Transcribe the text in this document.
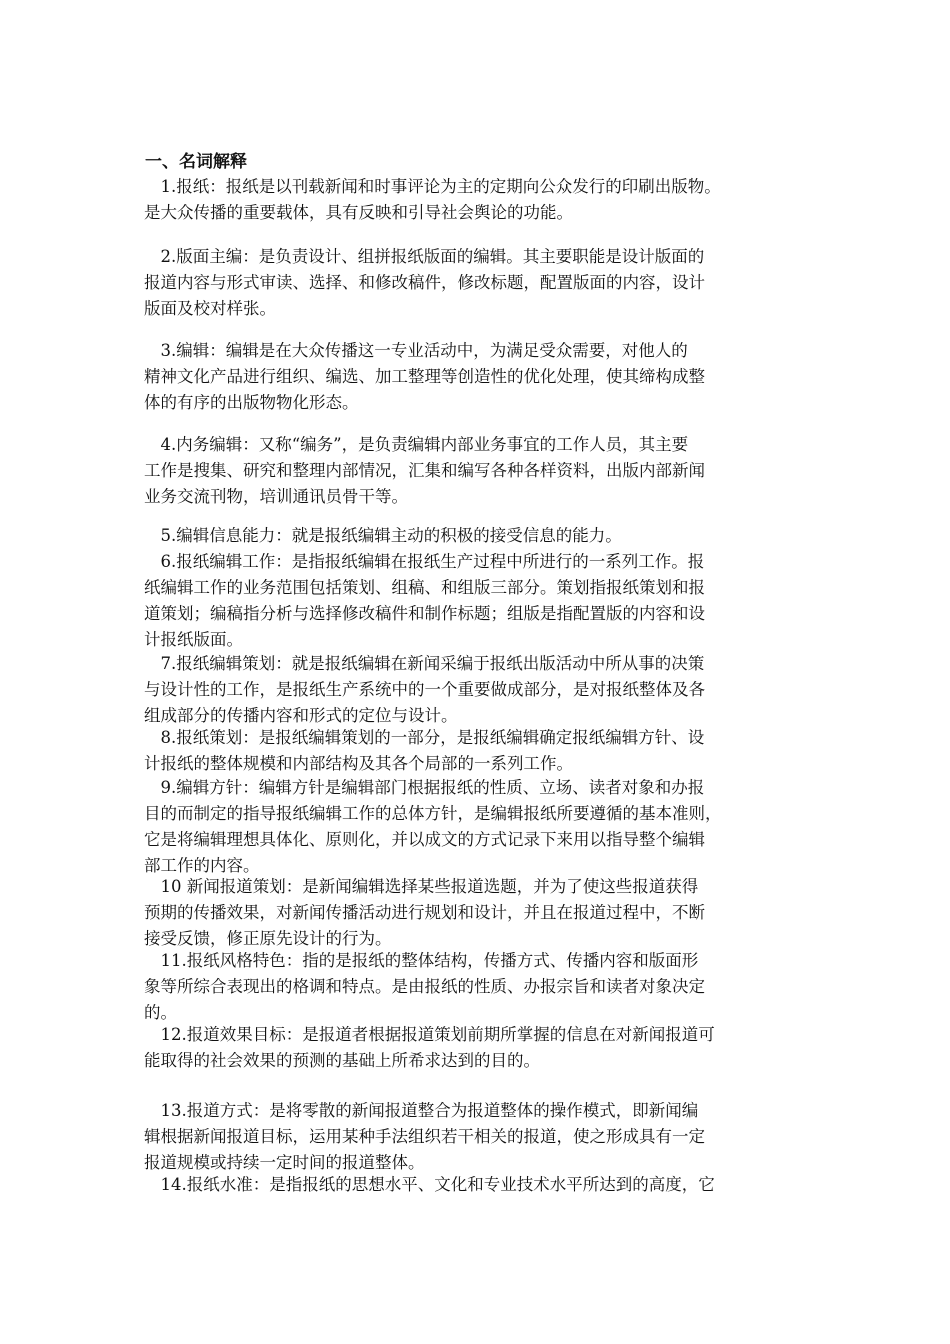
一、名词解释
　1.报纸：报纸是以刊载新闻和时事评论为主的定期向公众发行的印刷出版物。
是大众传播的重要载体，具有反映和引导社会舆论的功能。
　2.版面主编：是负责设计、组拼报纸版面的编辑。其主要职能是设计版面的
报道内容与形式审读、选择、和修改稿件，修改标题，配置版面的内容，设计
版面及校对样张。
　3.编辑：编辑是在大众传播这一专业活动中，为满足受众需要，对他人的
精神文化产品进行组织、编选、加工整理等创造性的优化处理，使其缔构成整
体的有序的出版物物化形态。
　4.内务编辑：又称“编务”，是负责编辑内部业务事宜的工作人员，其主要
工作是搜集、研究和整理内部情况，汇集和编写各种各样资料，出版内部新闻
业务交流刊物，培训通讯员骨干等。
　5.编辑信息能力：就是报纸编辑主动的积极的接受信息的能力。
　6.报纸编辑工作：是指报纸编辑在报纸生产过程中所进行的一系列工作。报
纸编辑工作的业务范围包括策划、组稿、和组版三部分。策划指报纸策划和报
道策划；编稿指分析与选择修改稿件和制作标题；组版是指配置版的内容和设
计报纸版面。
　7.报纸编辑策划：就是报纸编辑在新闻采编于报纸出版活动中所从事的决策
与设计性的工作，是报纸生产系统中的一个重要做成部分，是对报纸整体及各
组成部分的传播内容和形式的定位与设计。
　8.报纸策划：是报纸编辑策划的一部分，是报纸编辑确定报纸编辑方针、设
计报纸的整体规模和内部结构及其各个局部的一系列工作。
　9.编辑方针：编辑方针是编辑部门根据报纸的性质、立场、读者对象和办报
目的而制定的指导报纸编辑工作的总体方针，是编辑报纸所要遵循的基本准则，
它是将编辑理想具体化、原则化，并以成文的方式记录下来用以指导整个编辑
部工作的内容。
　10 新闻报道策划：是新闻编辑选择某些报道选题，并为了使这些报道获得
预期的传播效果，对新闻传播活动进行规划和设计，并且在报道过程中，不断
接受反馈，修正原先设计的行为。
　11.报纸风格特色：指的是报纸的整体结构，传播方式、传播内容和版面形
象等所综合表现出的格调和特点。是由报纸的性质、办报宗旨和读者对象决定
的。
　12.报道效果目标：是报道者根据报道策划前期所掌握的信息在对新闻报道可
能取得的社会效果的预测的基础上所希求达到的目的。
　13.报道方式：是将零散的新闻报道整合为报道整体的操作模式，即新闻编
辑根据新闻报道目标，运用某种手法组织若干相关的报道，使之形成具有一定
报道规模或持续一定时间的报道整体。
　14.报纸水准：是指报纸的思想水平、文化和专业技术水平所达到的高度，它
